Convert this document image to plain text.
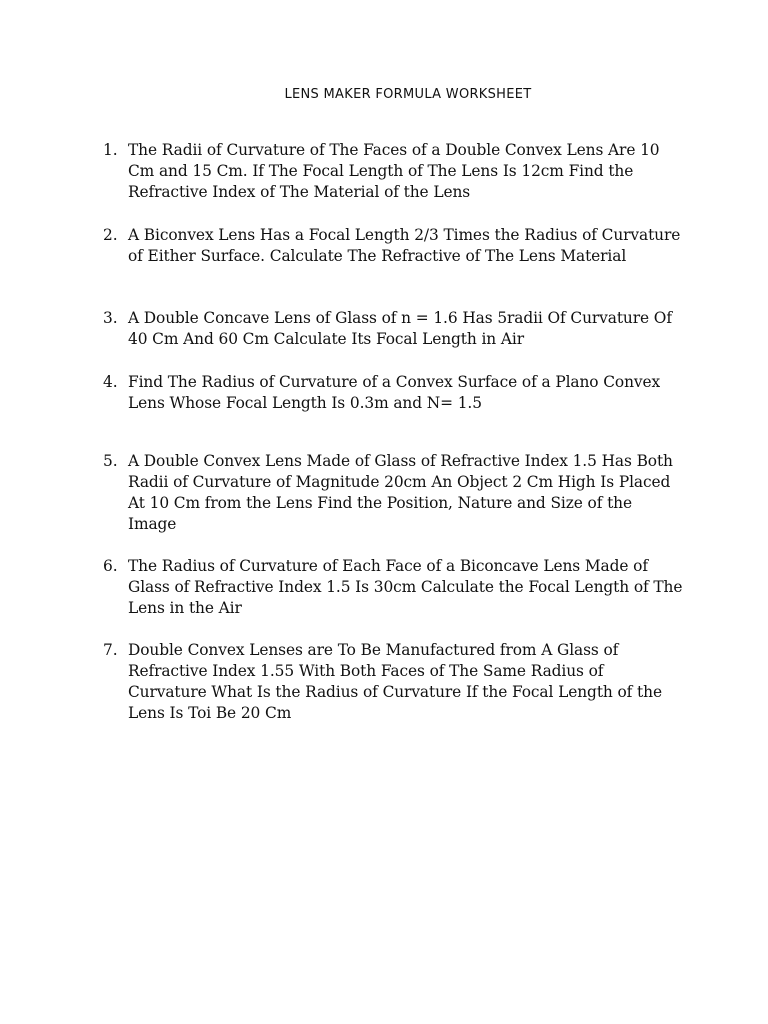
LENS MAKER FORMULA WORKSHEET
1. The Radii of Curvature of The Faces of a Double Convex Lens Are 10 Cm and 15 Cm. If The Focal Length of The Lens Is 12cm Find the Refractive Index of The Material of the Lens
2. A Biconvex Lens Has a Focal Length 2/3 Times the Radius of Curvature of Either Surface. Calculate The Refractive of The Lens Material
3. A Double Concave Lens of Glass of n = 1.6 Has 5radii Of Curvature Of 40 Cm And 60 Cm Calculate Its Focal Length in Air
4. Find The Radius of Curvature of a Convex Surface of a Plano Convex Lens Whose Focal Length Is 0.3m and N= 1.5
5. A Double Convex Lens Made of Glass of Refractive Index 1.5 Has Both Radii of Curvature of Magnitude 20cm An Object 2 Cm High Is Placed At 10 Cm from the Lens Find the Position, Nature and Size of the Image
6. The Radius of Curvature of Each Face of a Biconcave Lens Made of Glass of Refractive Index 1.5 Is 30cm Calculate the Focal Length of The Lens in the Air
7. Double Convex Lenses are To Be Manufactured from A Glass of Refractive Index 1.55 With Both Faces of The Same Radius of Curvature What Is the Radius of Curvature If the Focal Length of the Lens Is Toi Be 20 Cm
